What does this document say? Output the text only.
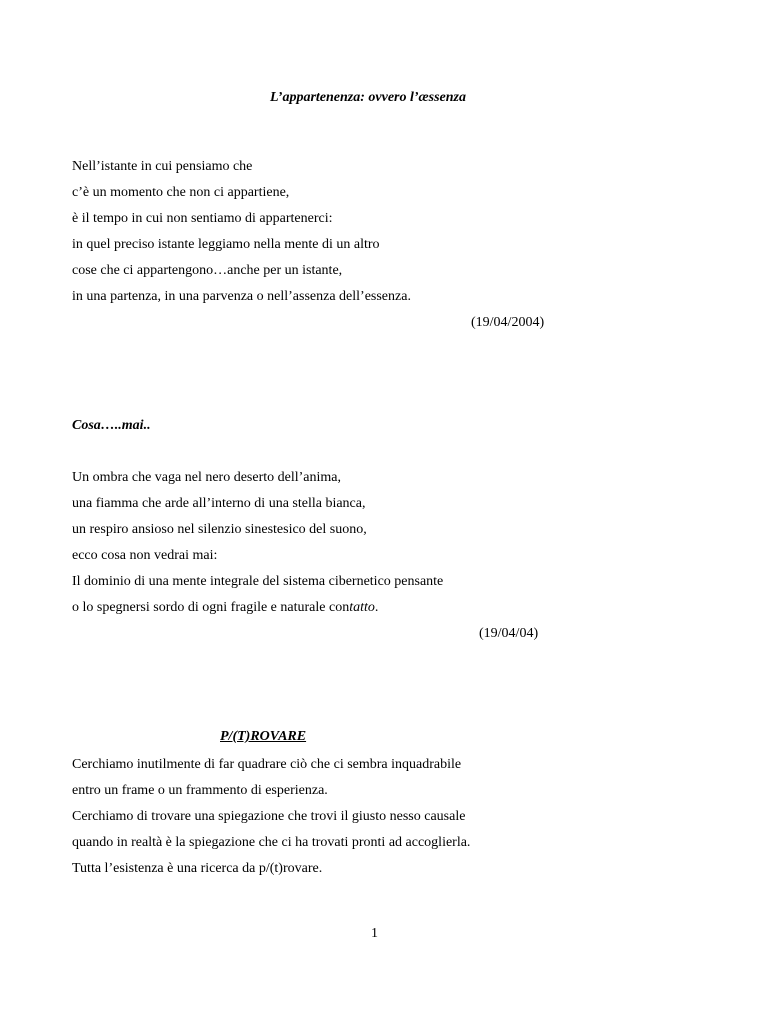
L’appartenenza: ovvero l’æssenza

Nell’istante in cui pensiamo che

c’è un momento che non ci appartiene,

è il tempo in cui non sentiamo di appartenerci:

in quel preciso istante leggiamo nella mente di un altro

cose che ci appartengono…anche per un istante,

in una partenza, in una parvenza o nell’assenza dell’essenza.

(19/04/2004)

Cosa…..mai..

Un ombra che vaga nel nero deserto dell’anima,

una fiamma che arde all’interno di una stella bianca,

un respiro ansioso nel silenzio sinestesico del suono,

ecco cosa non vedrai mai:

Il dominio di una mente integrale del sistema cibernetico pensante

o lo spegnersi sordo di ogni fragile e naturale contatto.

(19/04/04)

P/(T)ROVARE

Cerchiamo inutilmente di far quadrare ciò che ci sembra inquadrabile

entro un frame o un frammento di esperienza.

Cerchiamo di trovare una spiegazione che trovi il giusto nesso causale

quando in realtà è la spiegazione che ci ha trovati pronti ad accoglierla.

Tutta l’esistenza è una ricerca da p/(t)rovare.

1
